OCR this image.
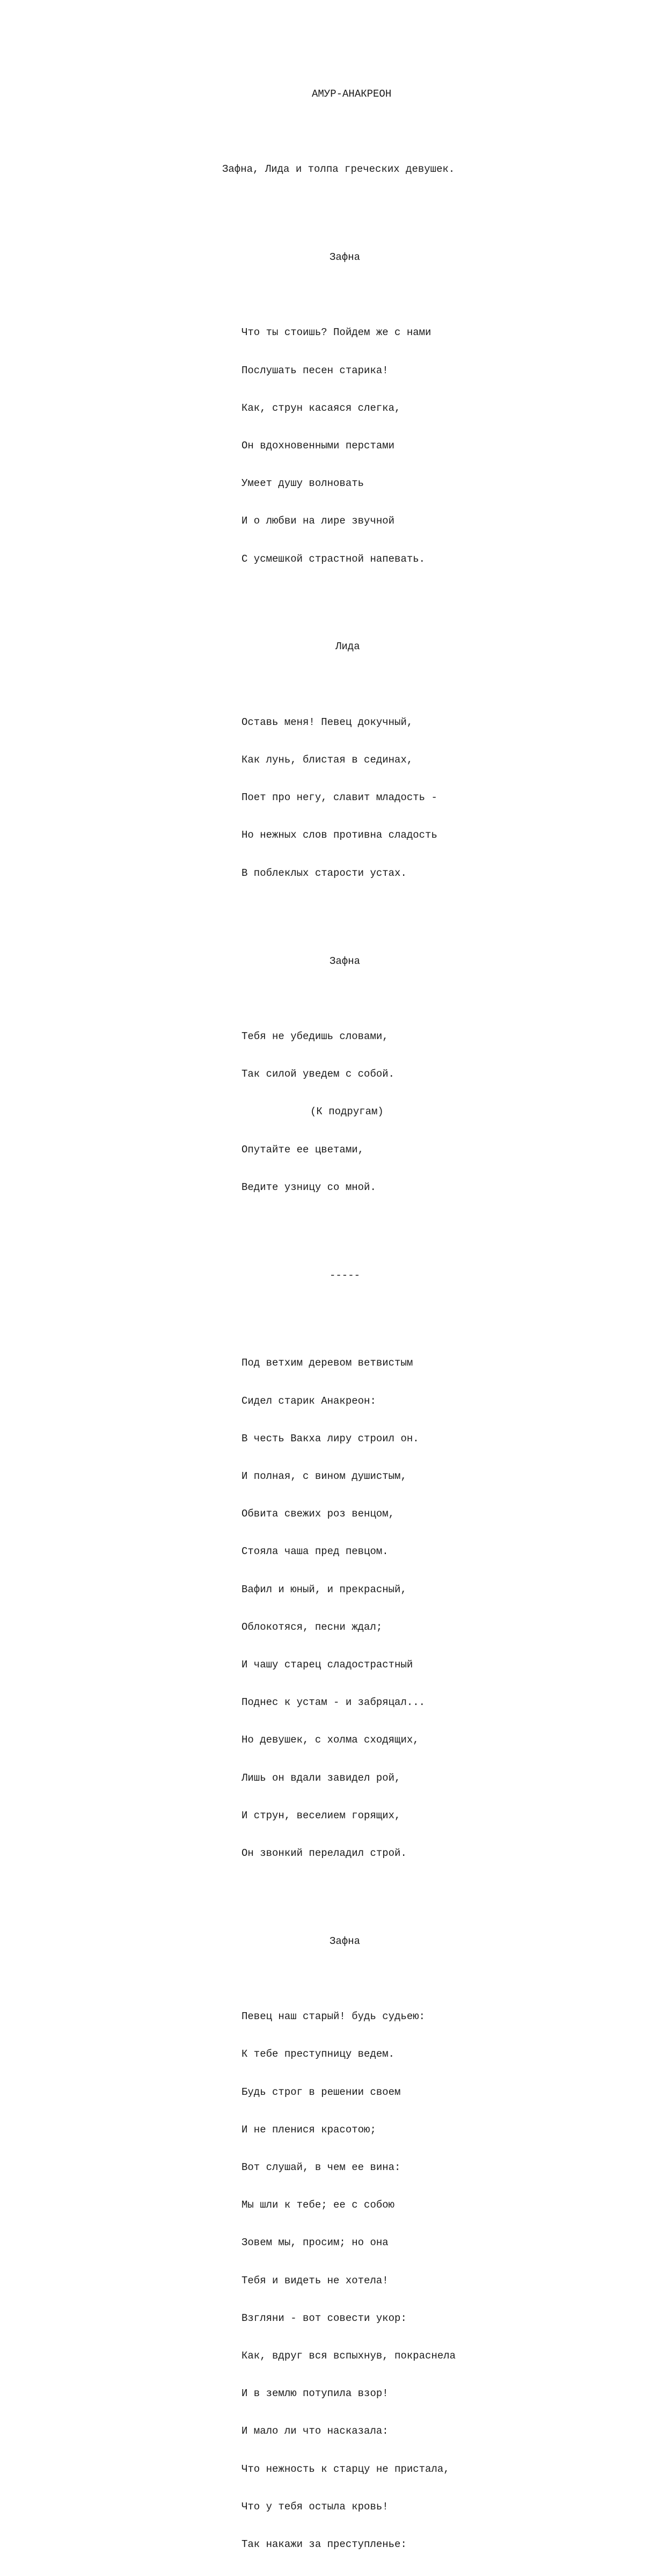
АМУР-АНАКРЕОН

Зафна, Лида и толпа греческих девушек.

Зафна

Что ты стоишь? Пойдем же с нами

Послушать песен старика!

Как, струн касаяся слегка,

Он вдохновенными перстами

Умеет душу волновать

И о любви на лире звучной

С усмешкой страстной напевать.

Лида

Оставь меня! Певец докучный,

Как лунь, блистая в сединах,

Поет про негу, славит младость -

Но нежных слов противна сладость

В поблеклых старости устах.

Зафна

Тебя не убедишь словами,

Так силой уведем с собой.

(К подругам)

Опутайте ее цветами,

Ведите узницу со мной.

-----

Под ветхим деревом ветвистым

Сидел старик Анакреон:

В честь Вакха лиру строил он.

И полная, с вином душистым,

Обвита свежих роз венцом,

Стояла чаша пред певцом.

Вафил и юный, и прекрасный,

Облокотяся, песни ждал;

И чашу старец сладострастный

Поднес к устам - и забряцал...

Но девушек, с холма сходящих,

Лишь он вдали завидел рой,

И струн, веселием горящих,

Он звонкий переладил строй.

Зафна

Певец наш старый! будь судьею:

К тебе преступницу ведем.

Будь строг в решении своем

И не пленися красотою;

Вот слушай, в чем ее вина:

Мы шли к тебе; ее с собою

Зовем мы, просим; но она

Тебя и видеть не хотела!

Взгляни - вот совести укор:

Как, вдруг вся вспыхнув, покраснела

И в землю потупила взор!

И мало ли что насказала:

Что нежность к старцу не пристала,

Что у тебя остыла кровь!

Так накажи за преступленье:
